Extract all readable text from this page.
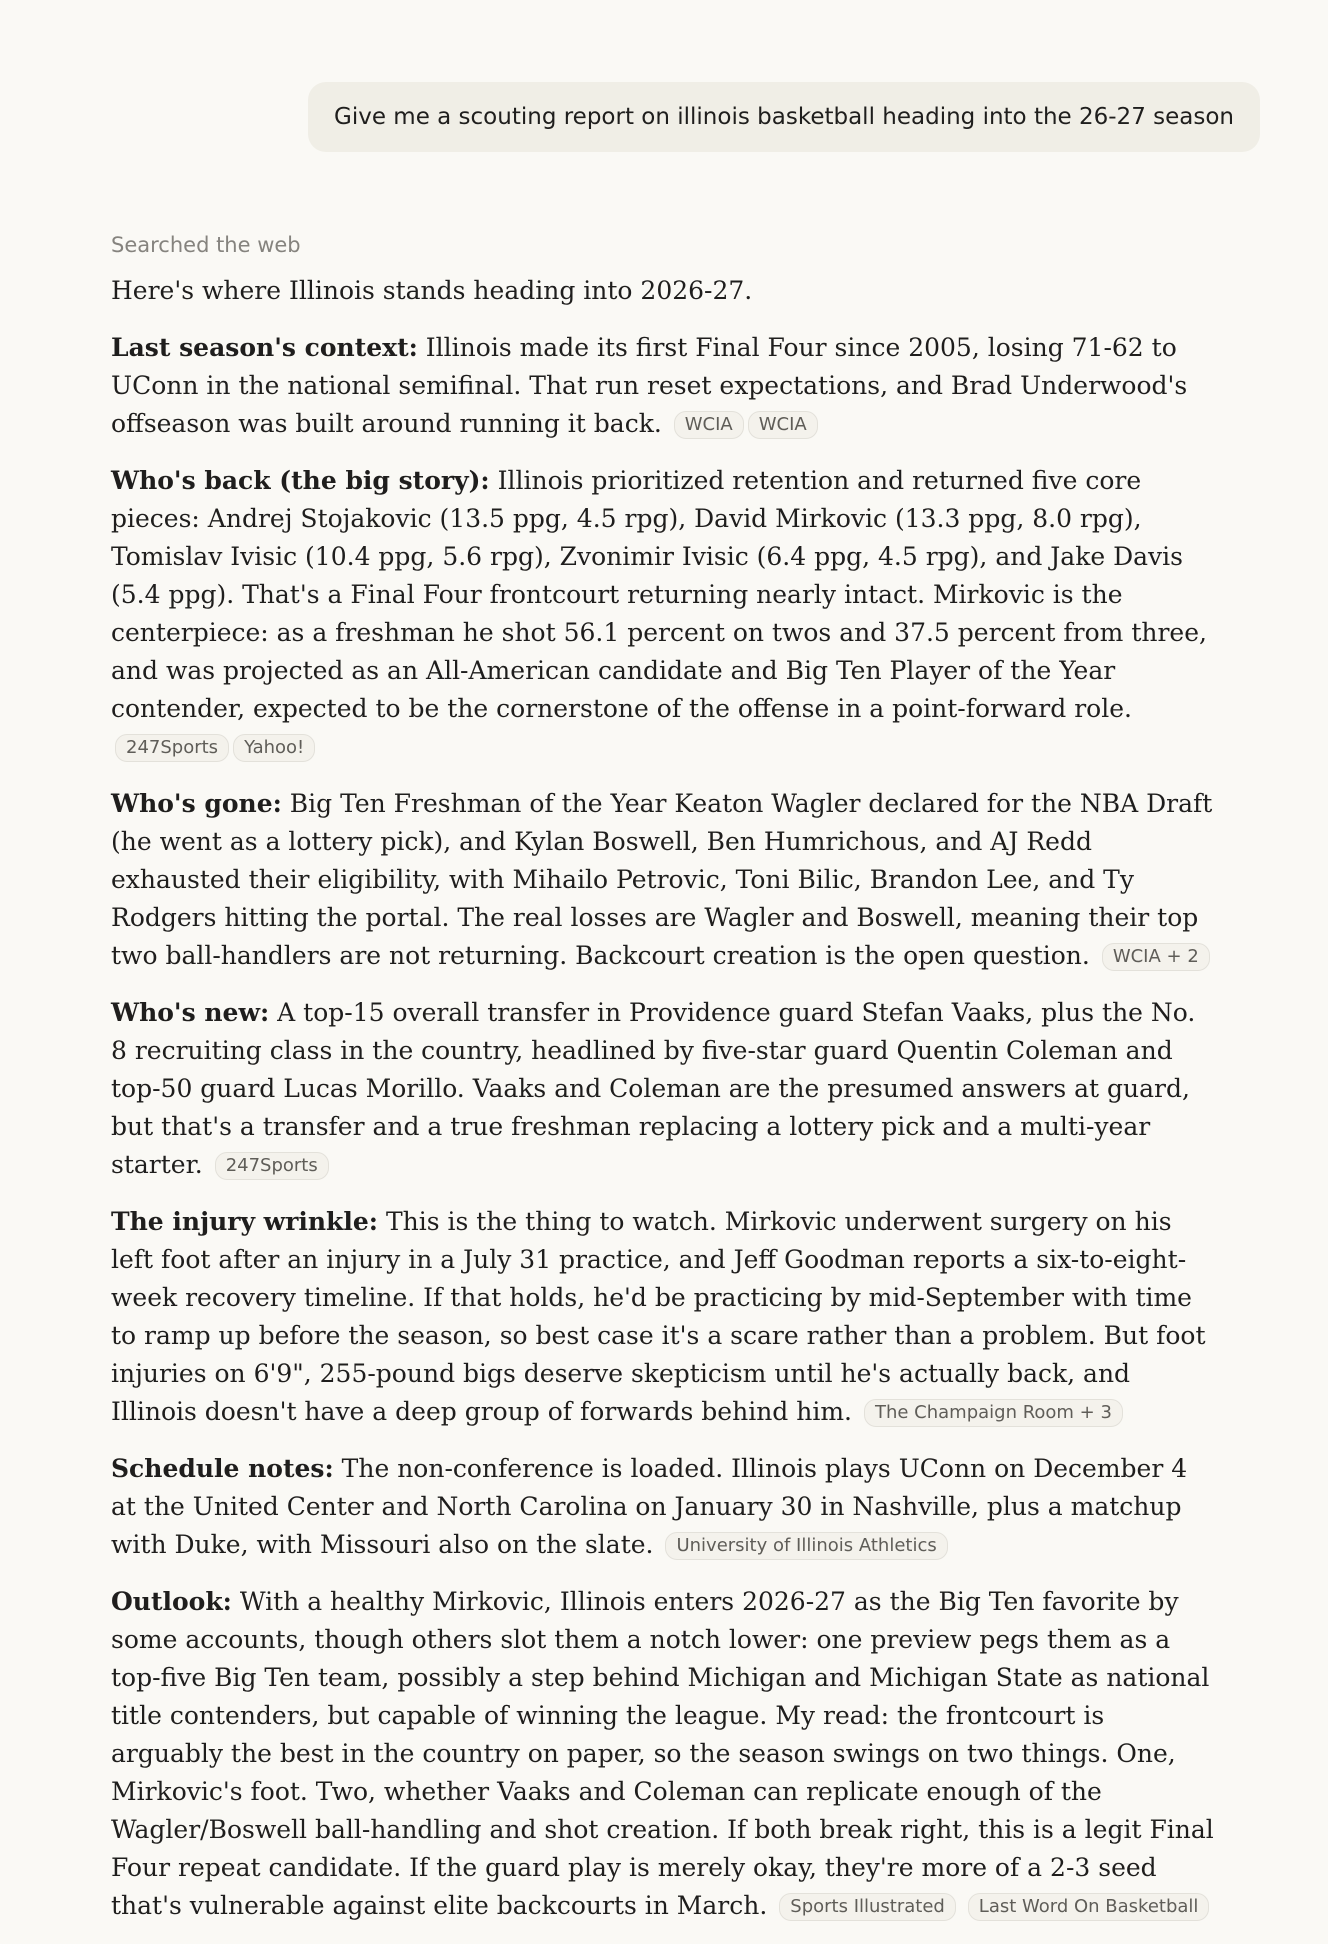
Give me a scouting report on illinois basketball heading into the 26-27 season
Searched the web

Here's where Illinois stands heading into 2026-27.

Last season's context: Illinois made its first Final Four since 2005, losing 71-62 to UConn in the national semifinal. That run reset expectations, and Brad Underwood's offseason was built around running it back. WCIA WCIA

Who's back (the big story): Illinois prioritized retention and returned five core pieces: Andrej Stojakovic (13.5 ppg, 4.5 rpg), David Mirkovic (13.3 ppg, 8.0 rpg), Tomislav Ivisic (10.4 ppg, 5.6 rpg), Zvonimir Ivisic (6.4 ppg, 4.5 rpg), and Jake Davis (5.4 ppg). That's a Final Four frontcourt returning nearly intact. Mirkovic is the centerpiece: as a freshman he shot 56.1 percent on twos and 37.5 percent from three, and was projected as an All-American candidate and Big Ten Player of the Year contender, expected to be the cornerstone of the offense in a point-forward role. 247Sports Yahoo!

Who's gone: Big Ten Freshman of the Year Keaton Wagler declared for the NBA Draft (he went as a lottery pick), and Kylan Boswell, Ben Humrichous, and AJ Redd exhausted their eligibility, with Mihailo Petrovic, Toni Bilic, Brandon Lee, and Ty Rodgers hitting the portal. The real losses are Wagler and Boswell, meaning their top two ball-handlers are not returning. Backcourt creation is the open question. WCIA + 2

Who's new: A top-15 overall transfer in Providence guard Stefan Vaaks, plus the No. 8 recruiting class in the country, headlined by five-star guard Quentin Coleman and top-50 guard Lucas Morillo. Vaaks and Coleman are the presumed answers at guard, but that's a transfer and a true freshman replacing a lottery pick and a multi-year starter. 247Sports

The injury wrinkle: This is the thing to watch. Mirkovic underwent surgery on his left foot after an injury in a July 31 practice, and Jeff Goodman reports a six-to-eight-week recovery timeline. If that holds, he'd be practicing by mid-September with time to ramp up before the season, so best case it's a scare rather than a problem. But foot injuries on 6'9", 255-pound bigs deserve skepticism until he's actually back, and Illinois doesn't have a deep group of forwards behind him. The Champaign Room + 3

Schedule notes: The non-conference is loaded. Illinois plays UConn on December 4 at the United Center and North Carolina on January 30 in Nashville, plus a matchup with Duke, with Missouri also on the slate. University of Illinois Athletics

Outlook: With a healthy Mirkovic, Illinois enters 2026-27 as the Big Ten favorite by some accounts, though others slot them a notch lower: one preview pegs them as a top-five Big Ten team, possibly a step behind Michigan and Michigan State as national title contenders, but capable of winning the league. My read: the frontcourt is arguably the best in the country on paper, so the season swings on two things. One, Mirkovic's foot. Two, whether Vaaks and Coleman can replicate enough of the Wagler/Boswell ball-handling and shot creation. If both break right, this is a legit Final Four repeat candidate. If the guard play is merely okay, they're more of a 2-3 seed that's vulnerable against elite backcourts in March. Sports Illustrated Last Word On Basketball
